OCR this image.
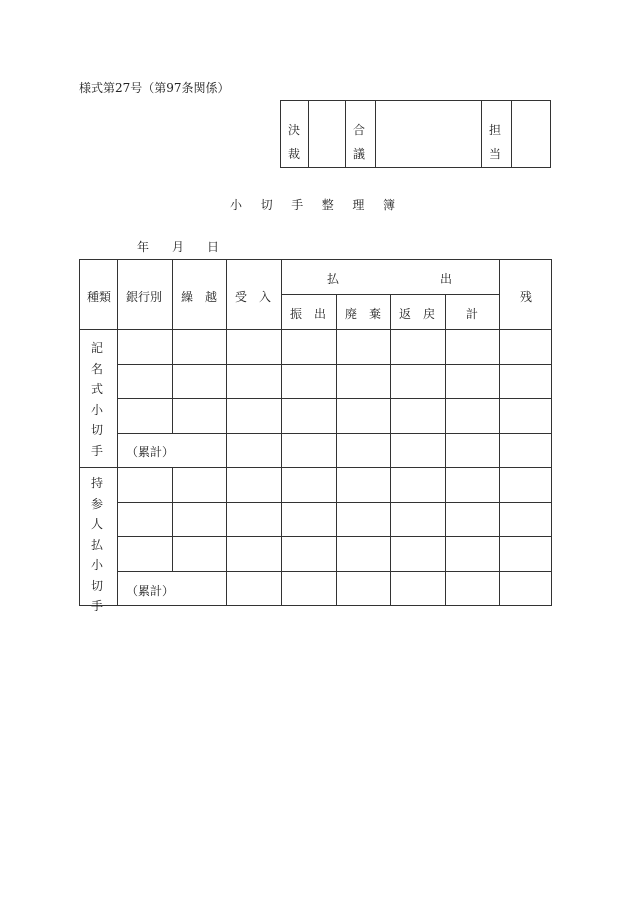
様式第27号（第97条関係）
決
裁
合
議
担
当
小 切 手 整 理 簿
年 月 日
種類 銀行別 繰　越 受　入
払	出
振　出 廃　棄 返　戻	計
残
記
名
式
小
切
手 （累計）
持
参
人
払
小
切
手
（累計）
